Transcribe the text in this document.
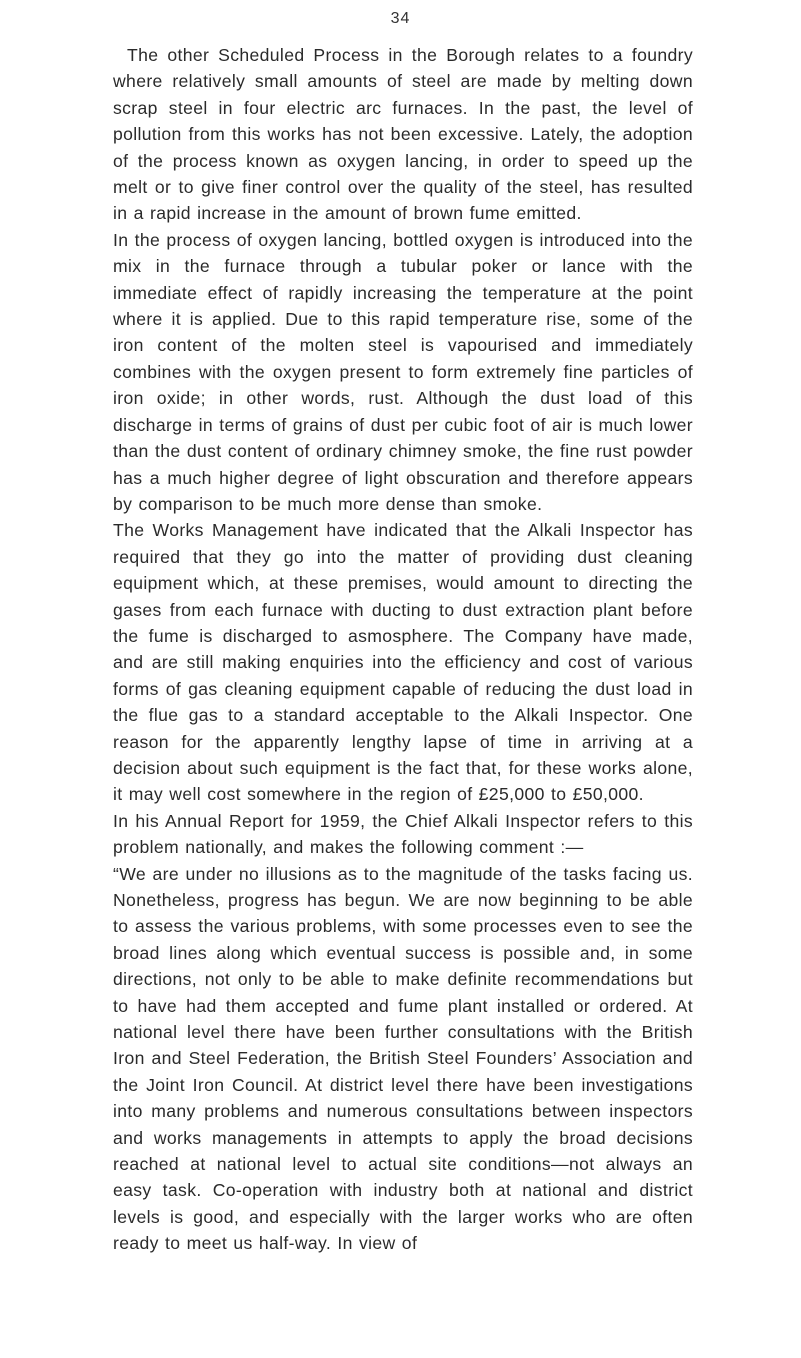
34

The other Scheduled Process in the Borough relates to a foundry where relatively small amounts of steel are made by melting down scrap steel in four electric arc furnaces. In the past, the level of pollution from this works has not been excessive. Lately, the adoption of the process known as oxygen lancing, in order to speed up the melt or to give finer control over the quality of the steel, has resulted in a rapid increase in the amount of brown fume emitted.

In the process of oxygen lancing, bottled oxygen is introduced into the mix in the furnace through a tubular poker or lance with the immediate effect of rapidly increasing the temperature at the point where it is applied. Due to this rapid temperature rise, some of the iron content of the molten steel is vapourised and immediately combines with the oxygen present to form extremely fine particles of iron oxide; in other words, rust. Although the dust load of this discharge in terms of grains of dust per cubic foot of air is much lower than the dust content of ordinary chimney smoke, the fine rust powder has a much higher degree of light obscuration and therefore appears by comparison to be much more dense than smoke.

The Works Management have indicated that the Alkali Inspector has required that they go into the matter of providing dust cleaning equipment which, at these premises, would amount to directing the gases from each furnace with ducting to dust extraction plant before the fume is discharged to asmosphere. The Company have made, and are still making enquiries into the efficiency and cost of various forms of gas cleaning equipment capable of reducing the dust load in the flue gas to a standard acceptable to the Alkali Inspector. One reason for the apparently lengthy lapse of time in arriving at a decision about such equipment is the fact that, for these works alone, it may well cost somewhere in the region of £25,000 to £50,000.

In his Annual Report for 1959, the Chief Alkali Inspector refers to this problem nationally, and makes the following comment :—

“We are under no illusions as to the magnitude of the tasks facing us. Nonetheless, progress has begun. We are now beginning to be able to assess the various problems, with some processes even to see the broad lines along which eventual success is possible and, in some directions, not only to be able to make definite recommendations but to have had them accepted and fume plant installed or ordered. At national level there have been further consultations with the British Iron and Steel Federation, the British Steel Founders’ Association and the Joint Iron Council. At district level there have been investigations into many problems and numerous consultations between inspectors and works managements in attempts to apply the broad decisions reached at national level to actual site conditions—not always an easy task. Co-operation with industry both at national and district levels is good, and especially with the larger works who are often ready to meet us half-way. In view of
